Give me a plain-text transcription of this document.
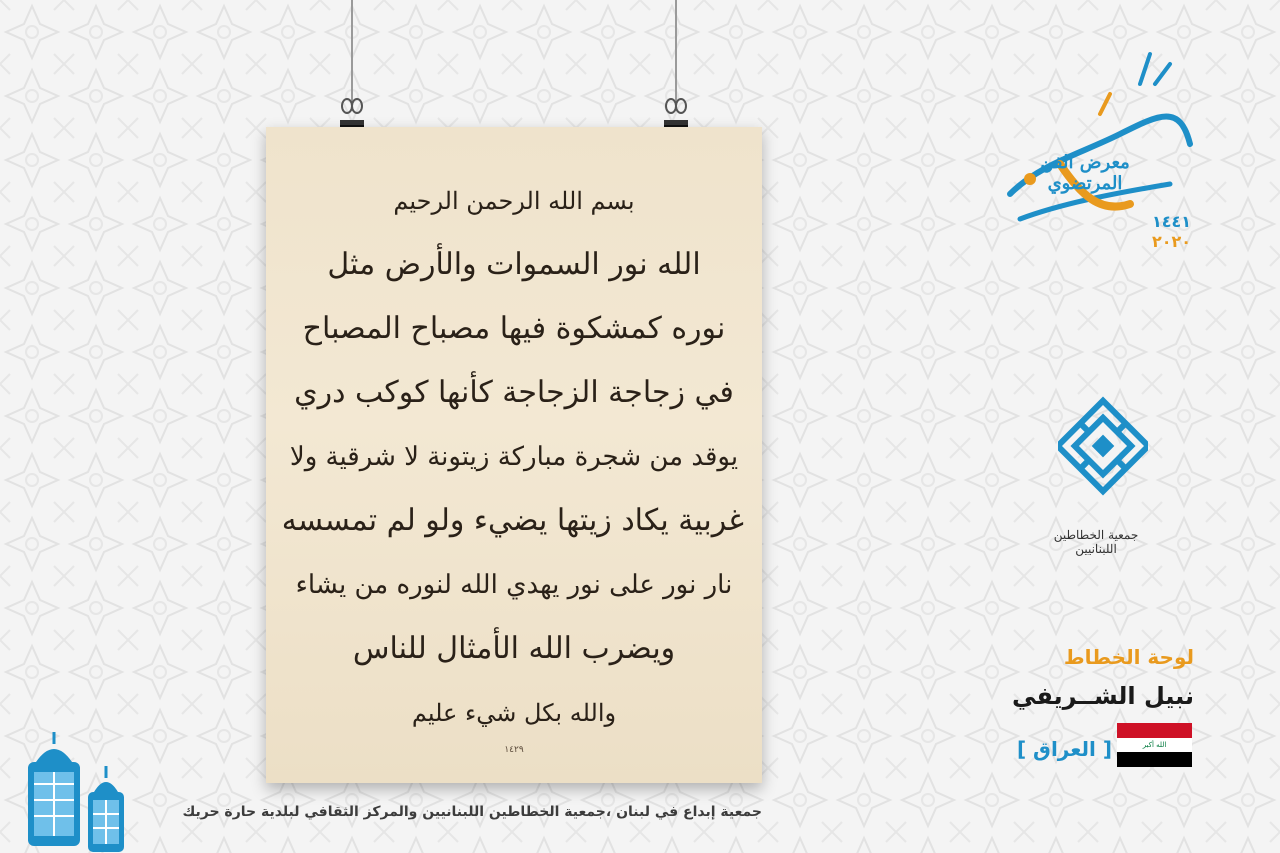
بسم الله الرحمن الرحيم
الله نور السموات والأرض مثل
نوره كمشكوة فيها مصباح المصباح
في زجاجة الزجاجة كأنها كوكب دري
يوقد من شجرة مباركة زيتونة لا شرقية ولا
غربية يكاد زيتها يضيء ولو لم تمسسه
نار نور على نور يهدي الله لنوره من يشاء
ويضرب الله الأمثال للناس
والله بكل شيء عليم
١٤٢٩
معرض الفن المرتضوي
١٤٤١
٢٠٢٠
جمعية الخطاطين اللبنانيين
لوحة الخطاط
نبيل الشــريفي
الله أكبر
[ العراق ]
جمعية إبداع في لبنان ،جمعية الخطاطين اللبنانيين والمركز الثقافي لبلدية حارة حريك
